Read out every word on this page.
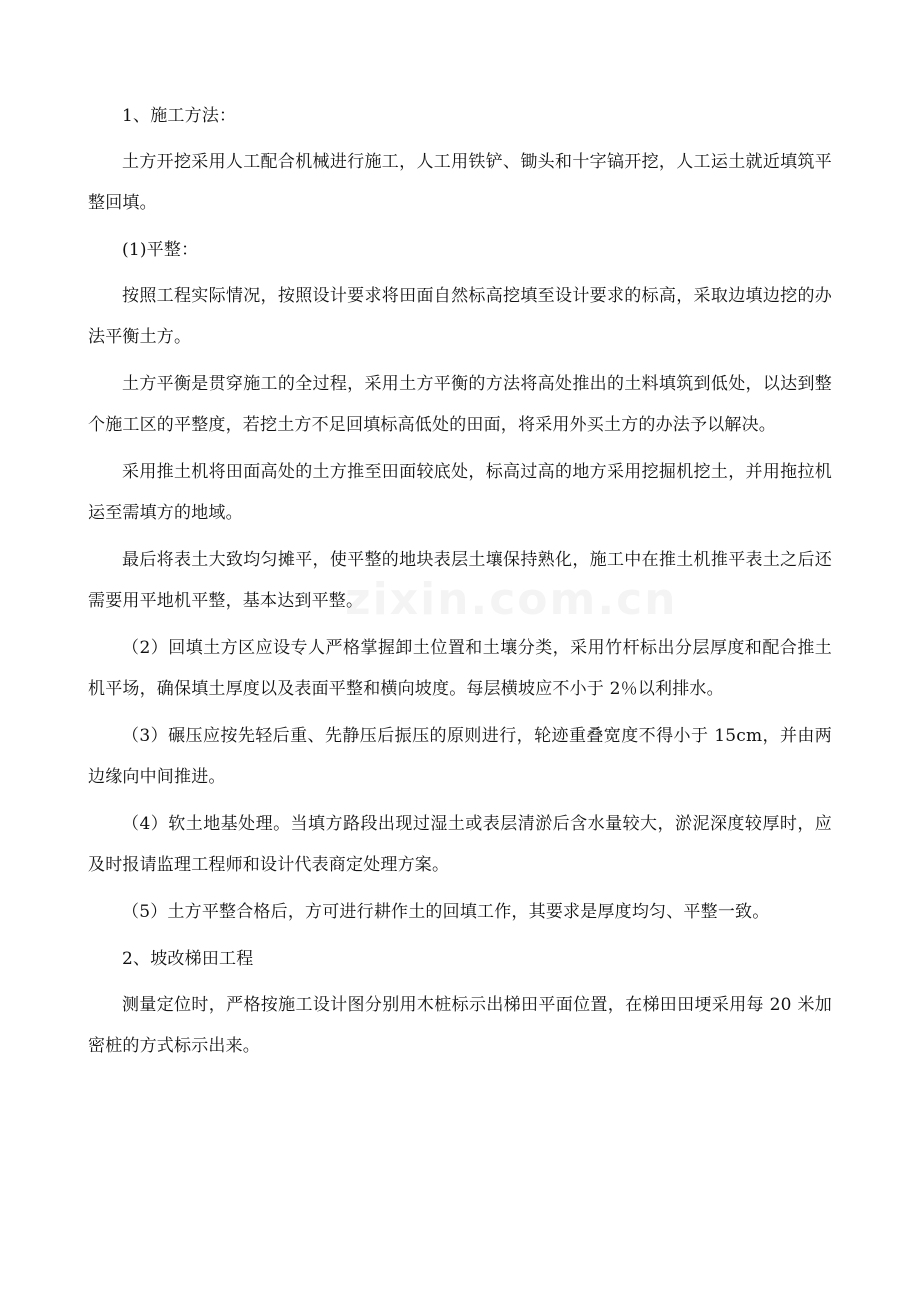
1、施工方法：

土方开挖采用人工配合机械进行施工，人工用铁铲、锄头和十字镐开挖，人工运土就近填筑平整回填。

(1)平整：

按照工程实际情况，按照设计要求将田面自然标高挖填至设计要求的标高，采取边填边挖的办法平衡土方。

土方平衡是贯穿施工的全过程，采用土方平衡的方法将高处推出的土料填筑到低处，以达到整个施工区的平整度，若挖土方不足回填标高低处的田面，将采用外买土方的办法予以解决。

采用推土机将田面高处的土方推至田面较底处，标高过高的地方采用挖掘机挖土，并用拖拉机运至需填方的地域。

最后将表土大致均匀摊平，使平整的地块表层土壤保持熟化，施工中在推土机推平表土之后还需要用平地机平整，基本达到平整。

（2）回填土方区应设专人严格掌握卸土位置和土壤分类，采用竹杆标出分层厚度和配合推土机平场，确保填土厚度以及表面平整和横向坡度。每层横坡应不小于 2％以利排水。

（3）碾压应按先轻后重、先静压后振压的原则进行，轮迹重叠宽度不得小于 15cm，并由两边缘向中间推进。

（4）软土地基处理。当填方路段出现过湿土或表层清淤后含水量较大，淤泥深度较厚时，应及时报请监理工程师和设计代表商定处理方案。

（5）土方平整合格后，方可进行耕作土的回填工作，其要求是厚度均匀、平整一致。

2、坡改梯田工程

测量定位时，严格按施工设计图分别用木桩标示出梯田平面位置，在梯田田埂采用每 20 米加密桩的方式标示出来。
